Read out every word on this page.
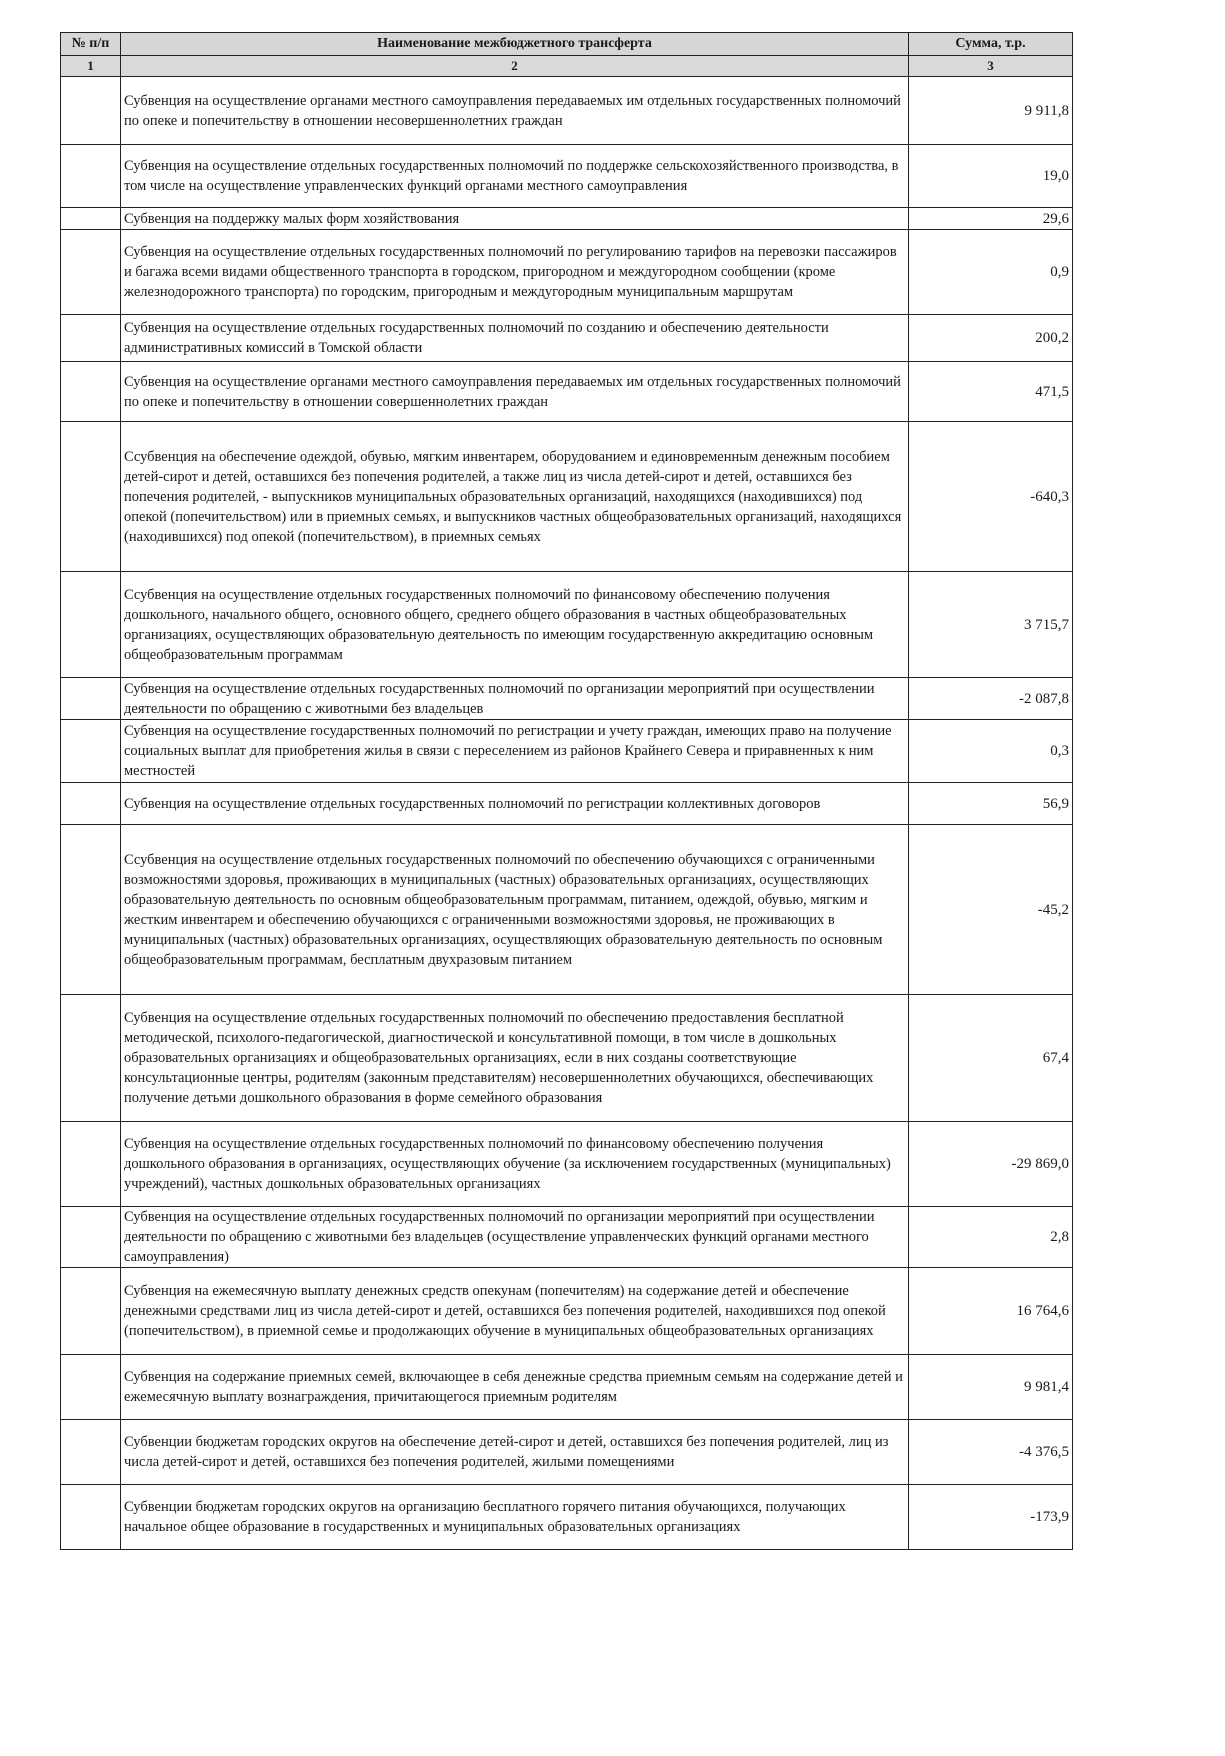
№ п/п	Наименование межбюджетного трансферта	Сумма, т.р.
1	2	3
	Субвенция на осуществление органами местного самоуправления передаваемых им отдельных государственных полномочий по опеке и попечительству в отношении несовершеннолетних граждан	9 911,8
	Субвенция на осуществление отдельных государственных полномочий по поддержке сельскохозяйственного производства, в том числе на осуществление управленческих функций органами местного самоуправления	19,0
	Субвенция на поддержку малых форм хозяйствования	29,6
	Субвенция на осуществление отдельных государственных полномочий по регулированию тарифов на перевозки пассажиров и багажа всеми видами общественного транспорта в городском, пригородном и междугородном сообщении (кроме железнодорожного транспорта) по городским, пригородным и междугородным муниципальным маршрутам	0,9
	Субвенция на осуществление отдельных государственных полномочий по созданию и обеспечению деятельности административных комиссий в Томской области	200,2
	Субвенция на осуществление органами местного самоуправления передаваемых им отдельных государственных полномочий по опеке и попечительству в отношении совершеннолетних граждан	471,5
	Ссубвенция на обеспечение одеждой, обувью, мягким инвентарем, оборудованием и единовременным денежным пособием детей-сирот и детей, оставшихся без попечения родителей, а также лиц из числа детей-сирот и детей, оставшихся без попечения родителей, - выпускников муниципальных образовательных организаций, находящихся (находившихся) под опекой (попечительством) или в приемных семьях, и выпускников частных общеобразовательных организаций, находящихся (находившихся) под опекой (попечительством), в приемных семьях	-640,3
	Ссубвенция на осуществление отдельных государственных полномочий по финансовому обеспечению получения дошкольного, начального общего, основного общего, среднего общего образования в частных общеобразовательных организациях, осуществляющих образовательную деятельность по имеющим государственную аккредитацию основным общеобразовательным программам	3 715,7
	Субвенция на осуществление отдельных государственных полномочий по организации мероприятий при осуществлении деятельности по обращению с животными без владельцев	-2 087,8
	Субвенция на осуществление государственных полномочий по регистрации и учету граждан, имеющих право на получение социальных выплат для приобретения жилья в связи с переселением из районов Крайнего Севера и приравненных к ним местностей	0,3
	Субвенция на осуществление отдельных государственных полномочий по регистрации коллективных договоров	56,9
	Ссубвенция на осуществление отдельных государственных полномочий по обеспечению обучающихся с ограниченными возможностями здоровья, проживающих в муниципальных (частных) образовательных организациях, осуществляющих образовательную деятельность по основным общеобразовательным программам, питанием, одеждой, обувью, мягким и жестким инвентарем и обеспечению обучающихся с ограниченными возможностями здоровья, не проживающих в муниципальных (частных) образовательных организациях, осуществляющих образовательную деятельность по основным общеобразовательным программам, бесплатным двухразовым питанием	-45,2
	Субвенция на осуществление отдельных государственных полномочий по обеспечению предоставления бесплатной методической, психолого-педагогической, диагностической и консультативной помощи, в том числе в дошкольных образовательных организациях и общеобразовательных организациях, если в них созданы соответствующие консультационные центры, родителям (законным представителям) несовершеннолетних обучающихся, обеспечивающих получение детьми дошкольного образования в форме семейного образования	67,4
	Субвенция на осуществление отдельных государственных полномочий по финансовому обеспечению получения дошкольного образования в организациях, осуществляющих обучение (за исключением государственных (муниципальных) учреждений), частных дошкольных образовательных организациях	-29 869,0
	Субвенция на осуществление отдельных государственных полномочий по организации мероприятий при осуществлении деятельности по обращению с животными без владельцев (осуществление управленческих функций органами местного самоуправления)	2,8
	Субвенция на ежемесячную выплату денежных средств опекунам (попечителям) на содержание детей и обеспечение денежными средствами лиц из числа детей-сирот и детей, оставшихся без попечения родителей, находившихся под опекой (попечительством), в приемной семье и продолжающих обучение в муниципальных общеобразовательных организациях	16 764,6
	Субвенция на содержание приемных семей, включающее в себя денежные средства приемным семьям на содержание детей и ежемесячную выплату вознаграждения, причитающегося приемным родителям	9 981,4
	Субвенции бюджетам городских округов на обеспечение детей-сирот и детей, оставшихся без попечения родителей, лиц из числа детей-сирот и детей, оставшихся без попечения родителей, жилыми помещениями	-4 376,5
	Субвенции бюджетам городских округов на организацию бесплатного горячего питания обучающихся, получающих начальное общее образование в государственных и муниципальных образовательных организациях	-173,9
